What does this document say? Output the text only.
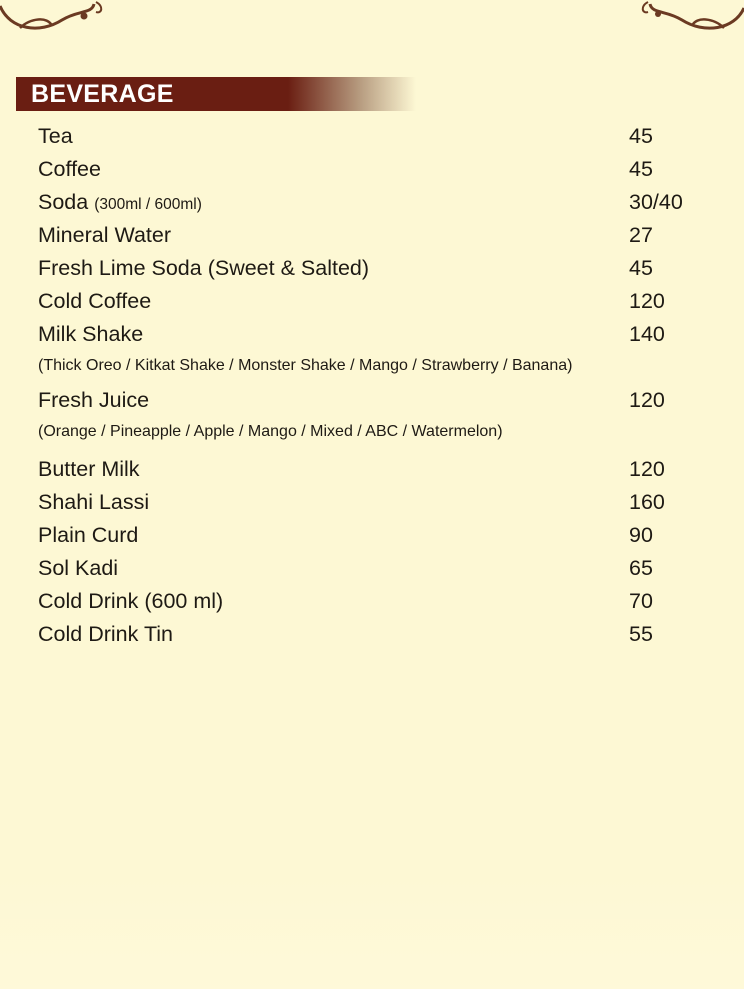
BEVERAGE
Tea	45
Coffee	45
Soda (300ml / 600ml)	30/40
Mineral Water	27
Fresh Lime Soda (Sweet & Salted)	45
Cold Coffee	120
Milk Shake	140
(Thick Oreo / Kitkat Shake / Monster Shake / Mango / Strawberry / Banana)
Fresh Juice	120
(Orange / Pineapple / Apple / Mango / Mixed / ABC / Watermelon)
Butter Milk	120
Shahi Lassi	160
Plain Curd	90
Sol Kadi	65
Cold Drink (600 ml)	70
Cold Drink Tin	55
